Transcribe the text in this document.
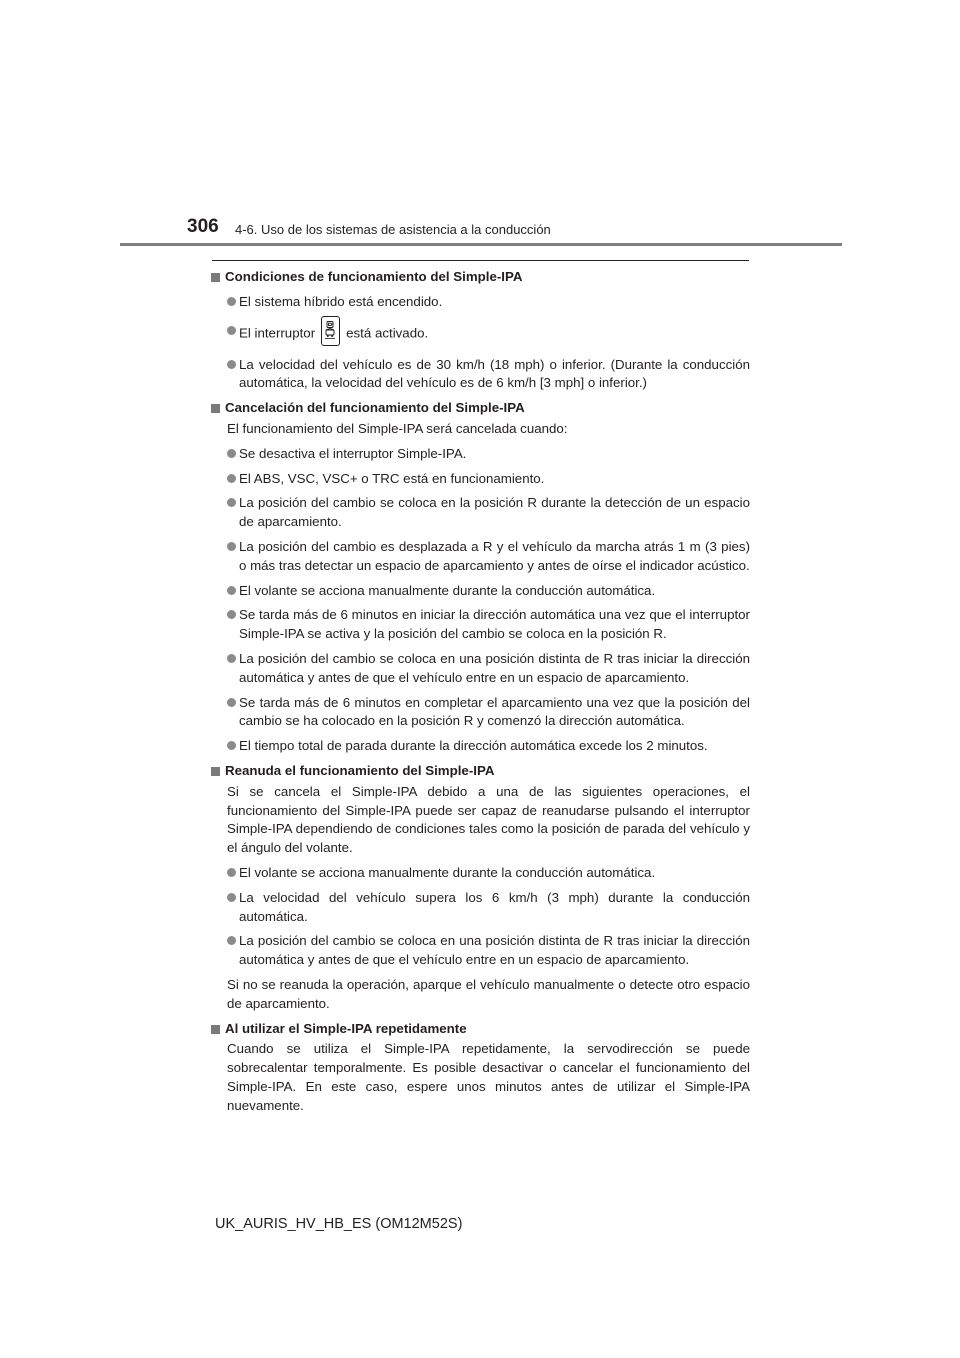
306 4-6. Uso de los sistemas de asistencia a la conducción
Condiciones de funcionamiento del Simple-IPA
El sistema híbrido está encendido.
El interruptor está activado.
La velocidad del vehículo es de 30 km/h (18 mph) o inferior. (Durante la conducción automática, la velocidad del vehículo es de 6 km/h [3 mph] o inferior.)
Cancelación del funcionamiento del Simple-IPA
El funcionamiento del Simple-IPA será cancelada cuando:
Se desactiva el interruptor Simple-IPA.
El ABS, VSC, VSC+ o TRC está en funcionamiento.
La posición del cambio se coloca en la posición R durante la detección de un espacio de aparcamiento.
La posición del cambio es desplazada a R y el vehículo da marcha atrás 1 m (3 pies) o más tras detectar un espacio de aparcamiento y antes de oírse el indicador acústico.
El volante se acciona manualmente durante la conducción automática.
Se tarda más de 6 minutos en iniciar la dirección automática una vez que el interruptor Simple-IPA se activa y la posición del cambio se coloca en la posición R.
La posición del cambio se coloca en una posición distinta de R tras iniciar la dirección automática y antes de que el vehículo entre en un espacio de aparcamiento.
Se tarda más de 6 minutos en completar el aparcamiento una vez que la posición del cambio se ha colocado en la posición R y comenzó la dirección automática.
El tiempo total de parada durante la dirección automática excede los 2 minutos.
Reanuda el funcionamiento del Simple-IPA
Si se cancela el Simple-IPA debido a una de las siguientes operaciones, el funcionamiento del Simple-IPA puede ser capaz de reanudarse pulsando el interruptor Simple-IPA dependiendo de condiciones tales como la posición de parada del vehículo y el ángulo del volante.
El volante se acciona manualmente durante la conducción automática.
La velocidad del vehículo supera los 6 km/h (3 mph) durante la conducción automática.
La posición del cambio se coloca en una posición distinta de R tras iniciar la dirección automática y antes de que el vehículo entre en un espacio de aparcamiento.
Si no se reanuda la operación, aparque el vehículo manualmente o detecte otro espacio de aparcamiento.
Al utilizar el Simple-IPA repetidamente
Cuando se utiliza el Simple-IPA repetidamente, la servodirección se puede sobrecalentar temporalmente. Es posible desactivar o cancelar el funcionamiento del Simple-IPA. En este caso, espere unos minutos antes de utilizar el Simple-IPA nuevamente.
UK_AURIS_HV_HB_ES (OM12M52S)
